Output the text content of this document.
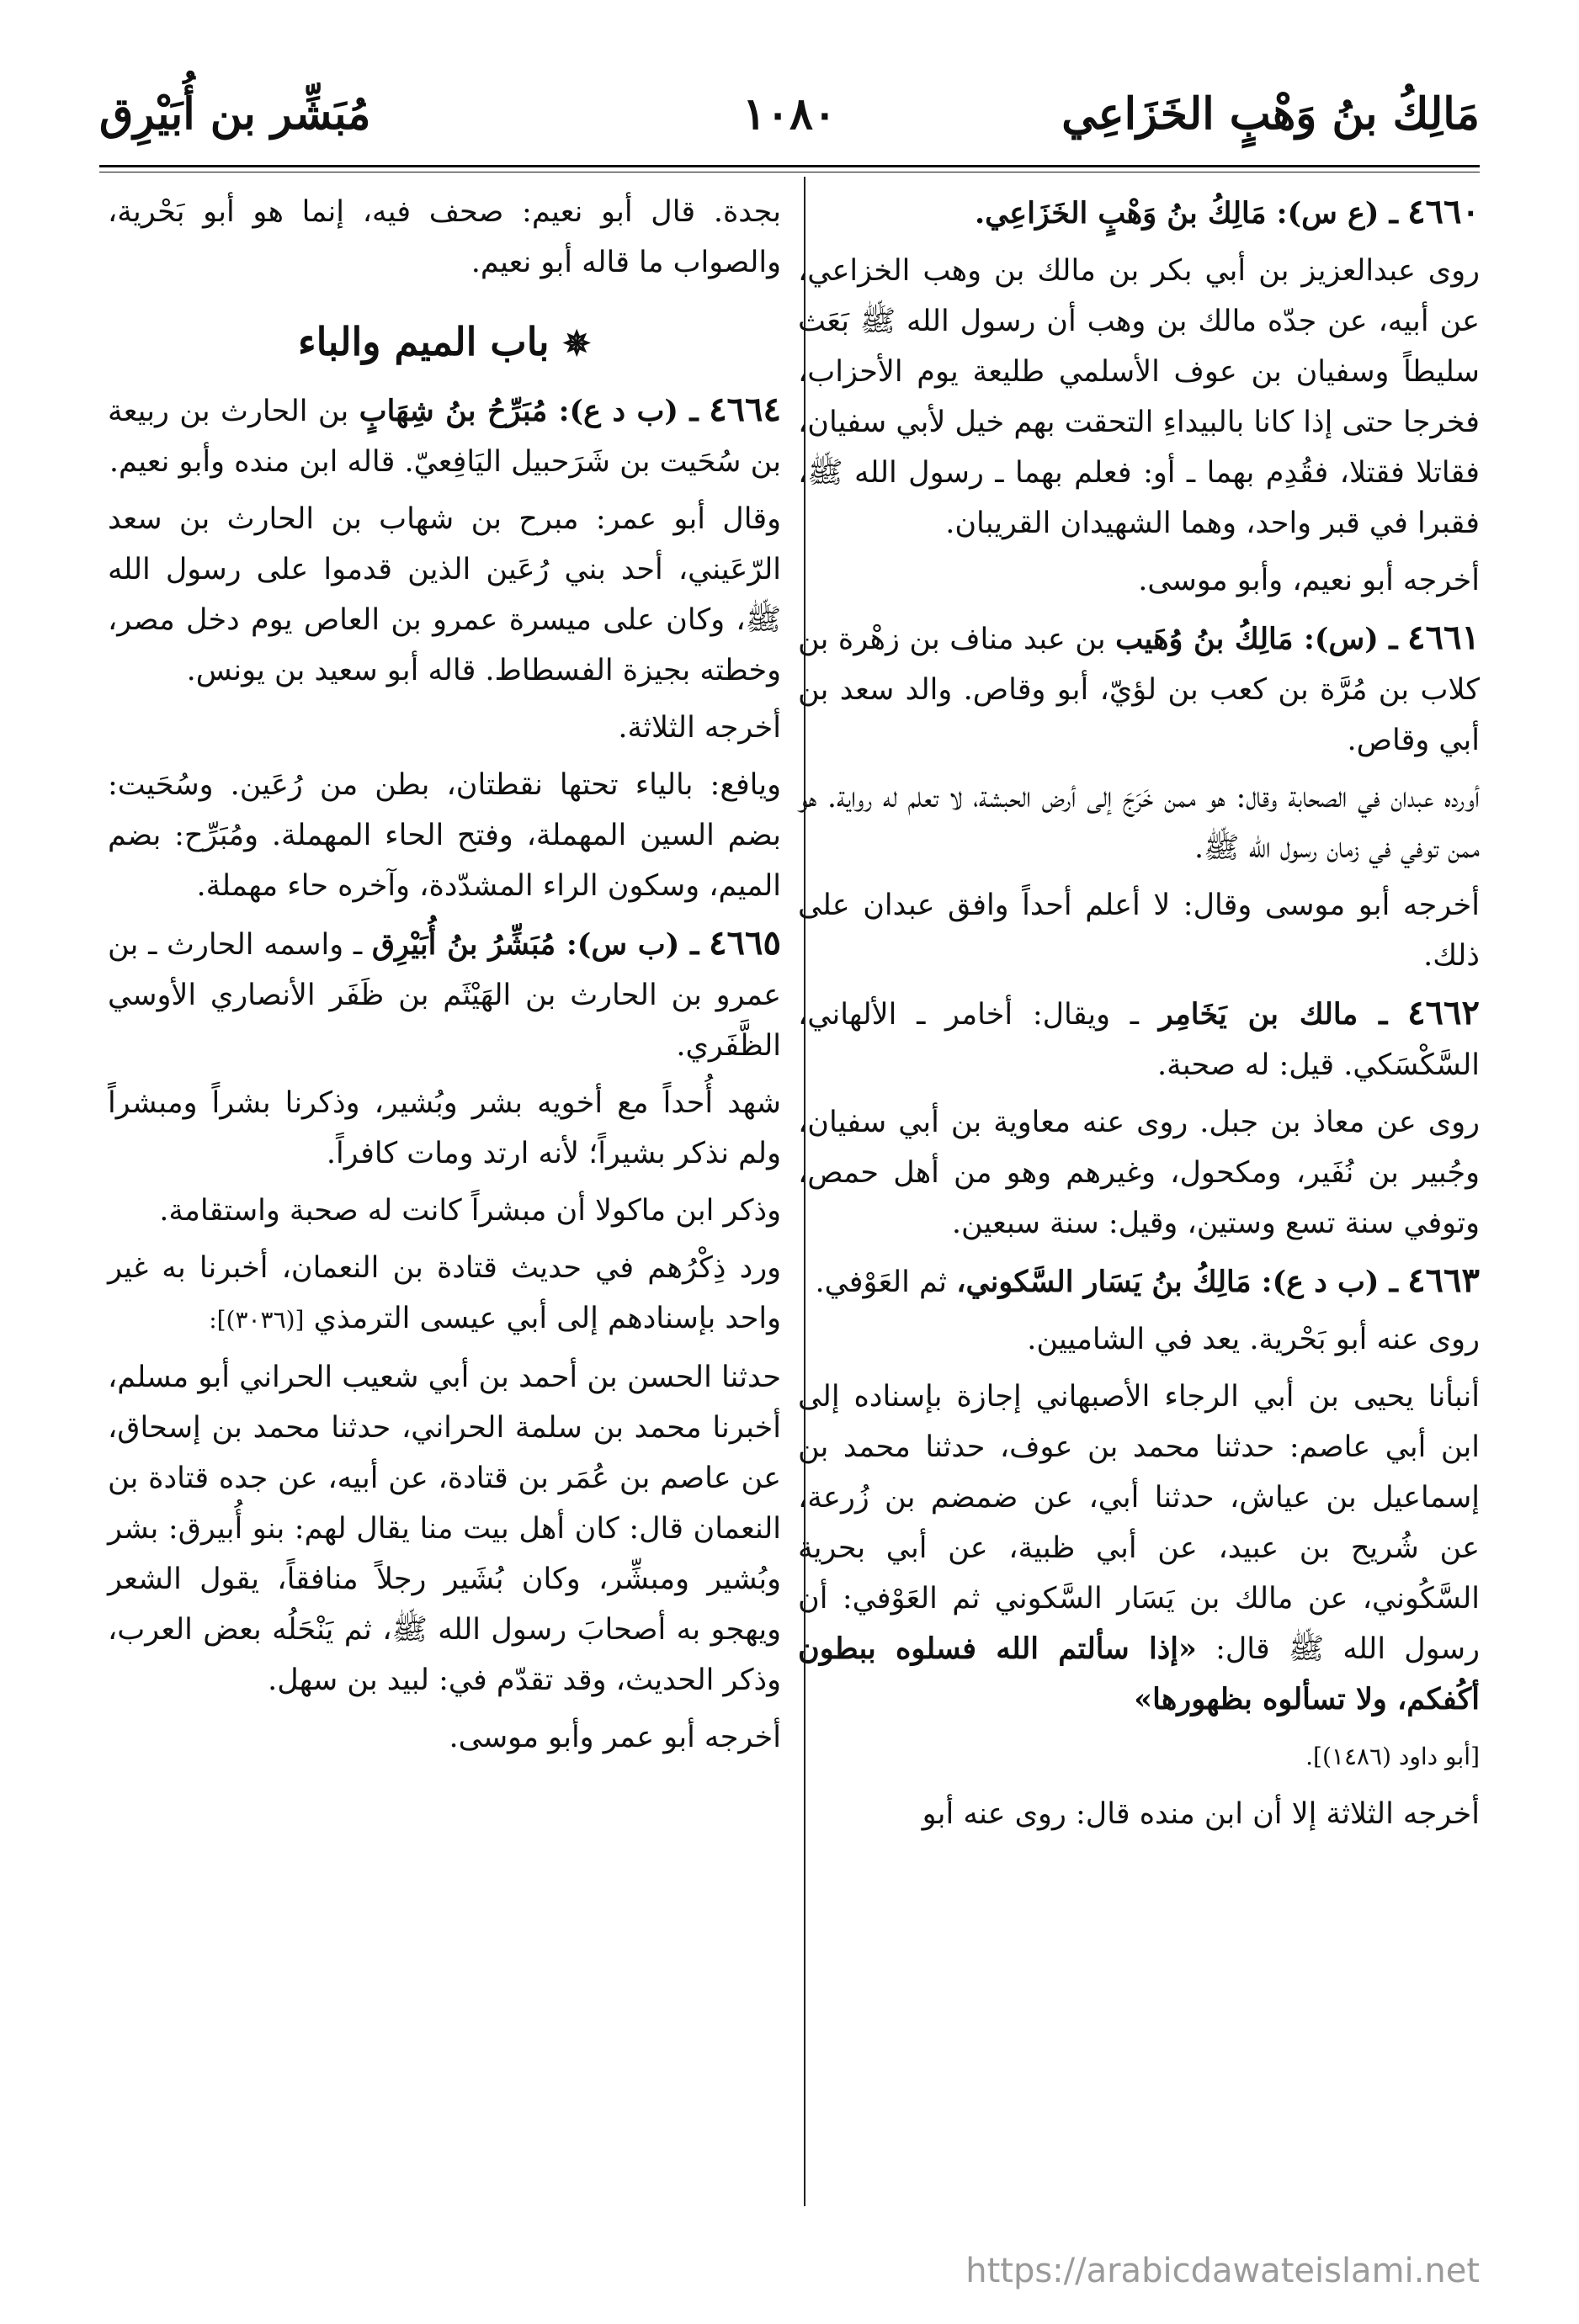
مَالِكُ بنُ وَهْبٍ الخَزَاعِي
١٠٨٠
مُبَشِّر بن أُبَيْرِق

٤٦٦٠ ـ (ع س): مَالِكُ بنُ وَهْبٍ الخَزَاعِي.

روى عبدالعزيز بن أبي بكر بن مالك بن وهب الخزاعي، عن أبيه، عن جدّه مالك بن وهب أن رسول الله ﷺ بَعَث سليطاً وسفيان بن عوف الأسلمي طليعة يوم الأحزاب، فخرجا حتى إذا كانا بالبيداءِ التحقت بهم خيل لأبي سفيان، فقاتلا فقتلا، فقُدِم بهما ـ أو: فعلم بهما ـ رسول الله ﷺ، فقبرا في قبر واحد، وهما الشهيدان القريبان.

أخرجه أبو نعيم، وأبو موسى.

٤٦٦١ ـ (س): مَالِكُ بنُ وُهَيب بن عبد مناف بن زهْرة بن كلاب بن مُرَّة بن كعب بن لؤيّ، أبو وقاص. والد سعد بن أبي وقاص.

أورده عبدان في الصحابة وقال: هو ممن خَرَجَ إلى أرض الحبشة، لا تعلم له رواية. هو ممن توفي في زمان رسول الله ﷺ.

أخرجه أبو موسى وقال: لا أعلم أحداً وافق عبدان على ذلك.

٤٦٦٢ ـ مالك بن يَخَامِر ـ ويقال: أخامر ـ الألهاني، السَّكْسَكي. قيل: له صحبة.

روى عن معاذ بن جبل. روى عنه معاوية بن أبي سفيان، وجُبير بن نُفَير، ومكحول، وغيرهم وهو من أهل حمص، وتوفي سنة تسع وستين، وقيل: سنة سبعين.

٤٦٦٣ ـ (ب د ع): مَالِكُ بنُ يَسَار السَّكوني، ثم العَوْفي.

روى عنه أبو بَحْرية. يعد في الشاميين.

أنبأنا يحيى بن أبي الرجاء الأصبهاني إجازة بإسناده إلى ابن أبي عاصم: حدثنا محمد بن عوف، حدثنا محمد بن إسماعيل بن عياش، حدثنا أبي، عن ضمضم بن زُرعة، عن شُريح بن عبيد، عن أبي ظبية، عن أبي بحرية السَّكُوني، عن مالك بن يَسَار السَّكوني ثم العَوْفي: أن رسول الله ﷺ قال: «إذا سألتم الله فسلوه ببطون أكُفكم، ولا تسألوه بظهورها»

[أبو داود (١٤٨٦)].

أخرجه الثلاثة إلا أن ابن منده قال: روى عنه أبو

بجدة. قال أبو نعيم: صحف فيه، إنما هو أبو بَحْرية، والصواب ما قاله أبو نعيم.

✵ باب الميم والباء

٤٦٦٤ ـ (ب د ع): مُبَرِّحُ بنُ شِهَابٍ بن الحارث بن ربيعة بن سُحَيت بن شَرَحبيل اليَافِعيّ. قاله ابن منده وأبو نعيم.

وقال أبو عمر: مبرح بن شهاب بن الحارث بن سعد الرّعَيني، أحد بني رُعَين الذين قدموا على رسول الله ﷺ، وكان على ميسرة عمرو بن العاص يوم دخل مصر، وخطته بجيزة الفسطاط. قاله أبو سعيد بن يونس.

أخرجه الثلاثة.

ويافع: بالياء تحتها نقطتان، بطن من رُعَين. وسُحَيت: بضم السين المهملة، وفتح الحاء المهملة. ومُبَرِّح: بضم الميم، وسكون الراء المشدّدة، وآخره حاء مهملة.

٤٦٦٥ ـ (ب س): مُبَشِّرُ بنُ أُبَيْرِق ـ واسمه الحارث ـ بن عمرو بن الحارث بن الهَيْثَم بن ظَفَر الأنصاري الأوسي الظَّفَري.

شهد أُحداً مع أخويه بشر وبُشير، وذكرنا بشراً ومبشراً ولم نذكر بشيراً؛ لأنه ارتد ومات كافراً.

وذكر ابن ماكولا أن مبشراً كانت له صحبة واستقامة.

ورد ذِكْرُهم في حديث قتادة بن النعمان، أخبرنا به غير واحد بإسنادهم إلى أبي عيسى الترمذي [(٣٠٣٦)]:

حدثنا الحسن بن أحمد بن أبي شعيب الحراني أبو مسلم، أخبرنا محمد بن سلمة الحراني، حدثنا محمد بن إسحاق، عن عاصم بن عُمَر بن قتادة، عن أبيه، عن جده قتادة بن النعمان قال: كان أهل بيت منا يقال لهم: بنو أُبيرق: بشر وبُشير ومبشِّر، وكان بُشَير رجلاً منافقاً، يقول الشعر ويهجو به أصحابَ رسول الله ﷺ، ثم يَنْحَلُه بعض العرب، وذكر الحديث، وقد تقدّم في: لبيد بن سهل.

أخرجه أبو عمر وأبو موسى.

https://arabicdawateislami.net
